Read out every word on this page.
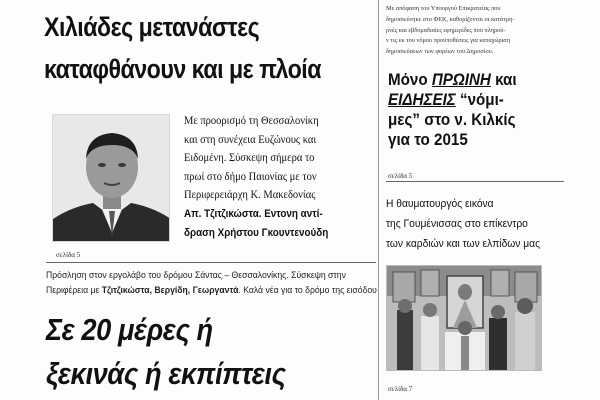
Χιλιάδες μετανάστες
καταφθάνουν και με πλοία
Με προορισμό τη Θεσσαλονίκη
και στη συνέχεια Ευζώνους και
Ειδομένη. Σύσκεψη σήμερα το
πρωί στο δήμο Παιονίας με τον
Περιφερειάρχη Κ. Μακεδονίας
Απ. Τζιτζικώστα. Εντονη αντί-
δραση Χρήστου Γκουντενούδη
σελίδα 5
Πρόσληση στον εργολάβο του δρόμου Σάντας – Θεσσαλονίκης. Σύσκεψη στην
Περιφέρεια με Τζιτζικώστα, Βεργίδη, Γεωργαντά. Καλά νέα για το δρόμο της εισόδου
Σε 20 μέρες ή
ξεκινάς ή εκπίπτεις
Με απόφαση του Υπουργού Επικρατείας που
δημοσιεύτηκε στο ΦΕΚ, καθορίζονται οι κατάτμη-
ρνές και εβδομαδιαίες εφημερίδες που πληρού-
ν τις εκ του νόμου προϋποθέσεις για καταχώριση
δημοσιεύσεων των φορέων του Δημοσίου.
Μόνο ΠΡΩΙΝΗ και
ΕΙΔΗΣΕΙΣ “νόμι-
μες” στο ν. Κιλκίς
για το 2015
σελίδα 5
Η θαυματουργός εικόνα
της Γουμένισσας στο επίκεντρο
των καρδιών και των ελπίδων μας
σελίδα 7
